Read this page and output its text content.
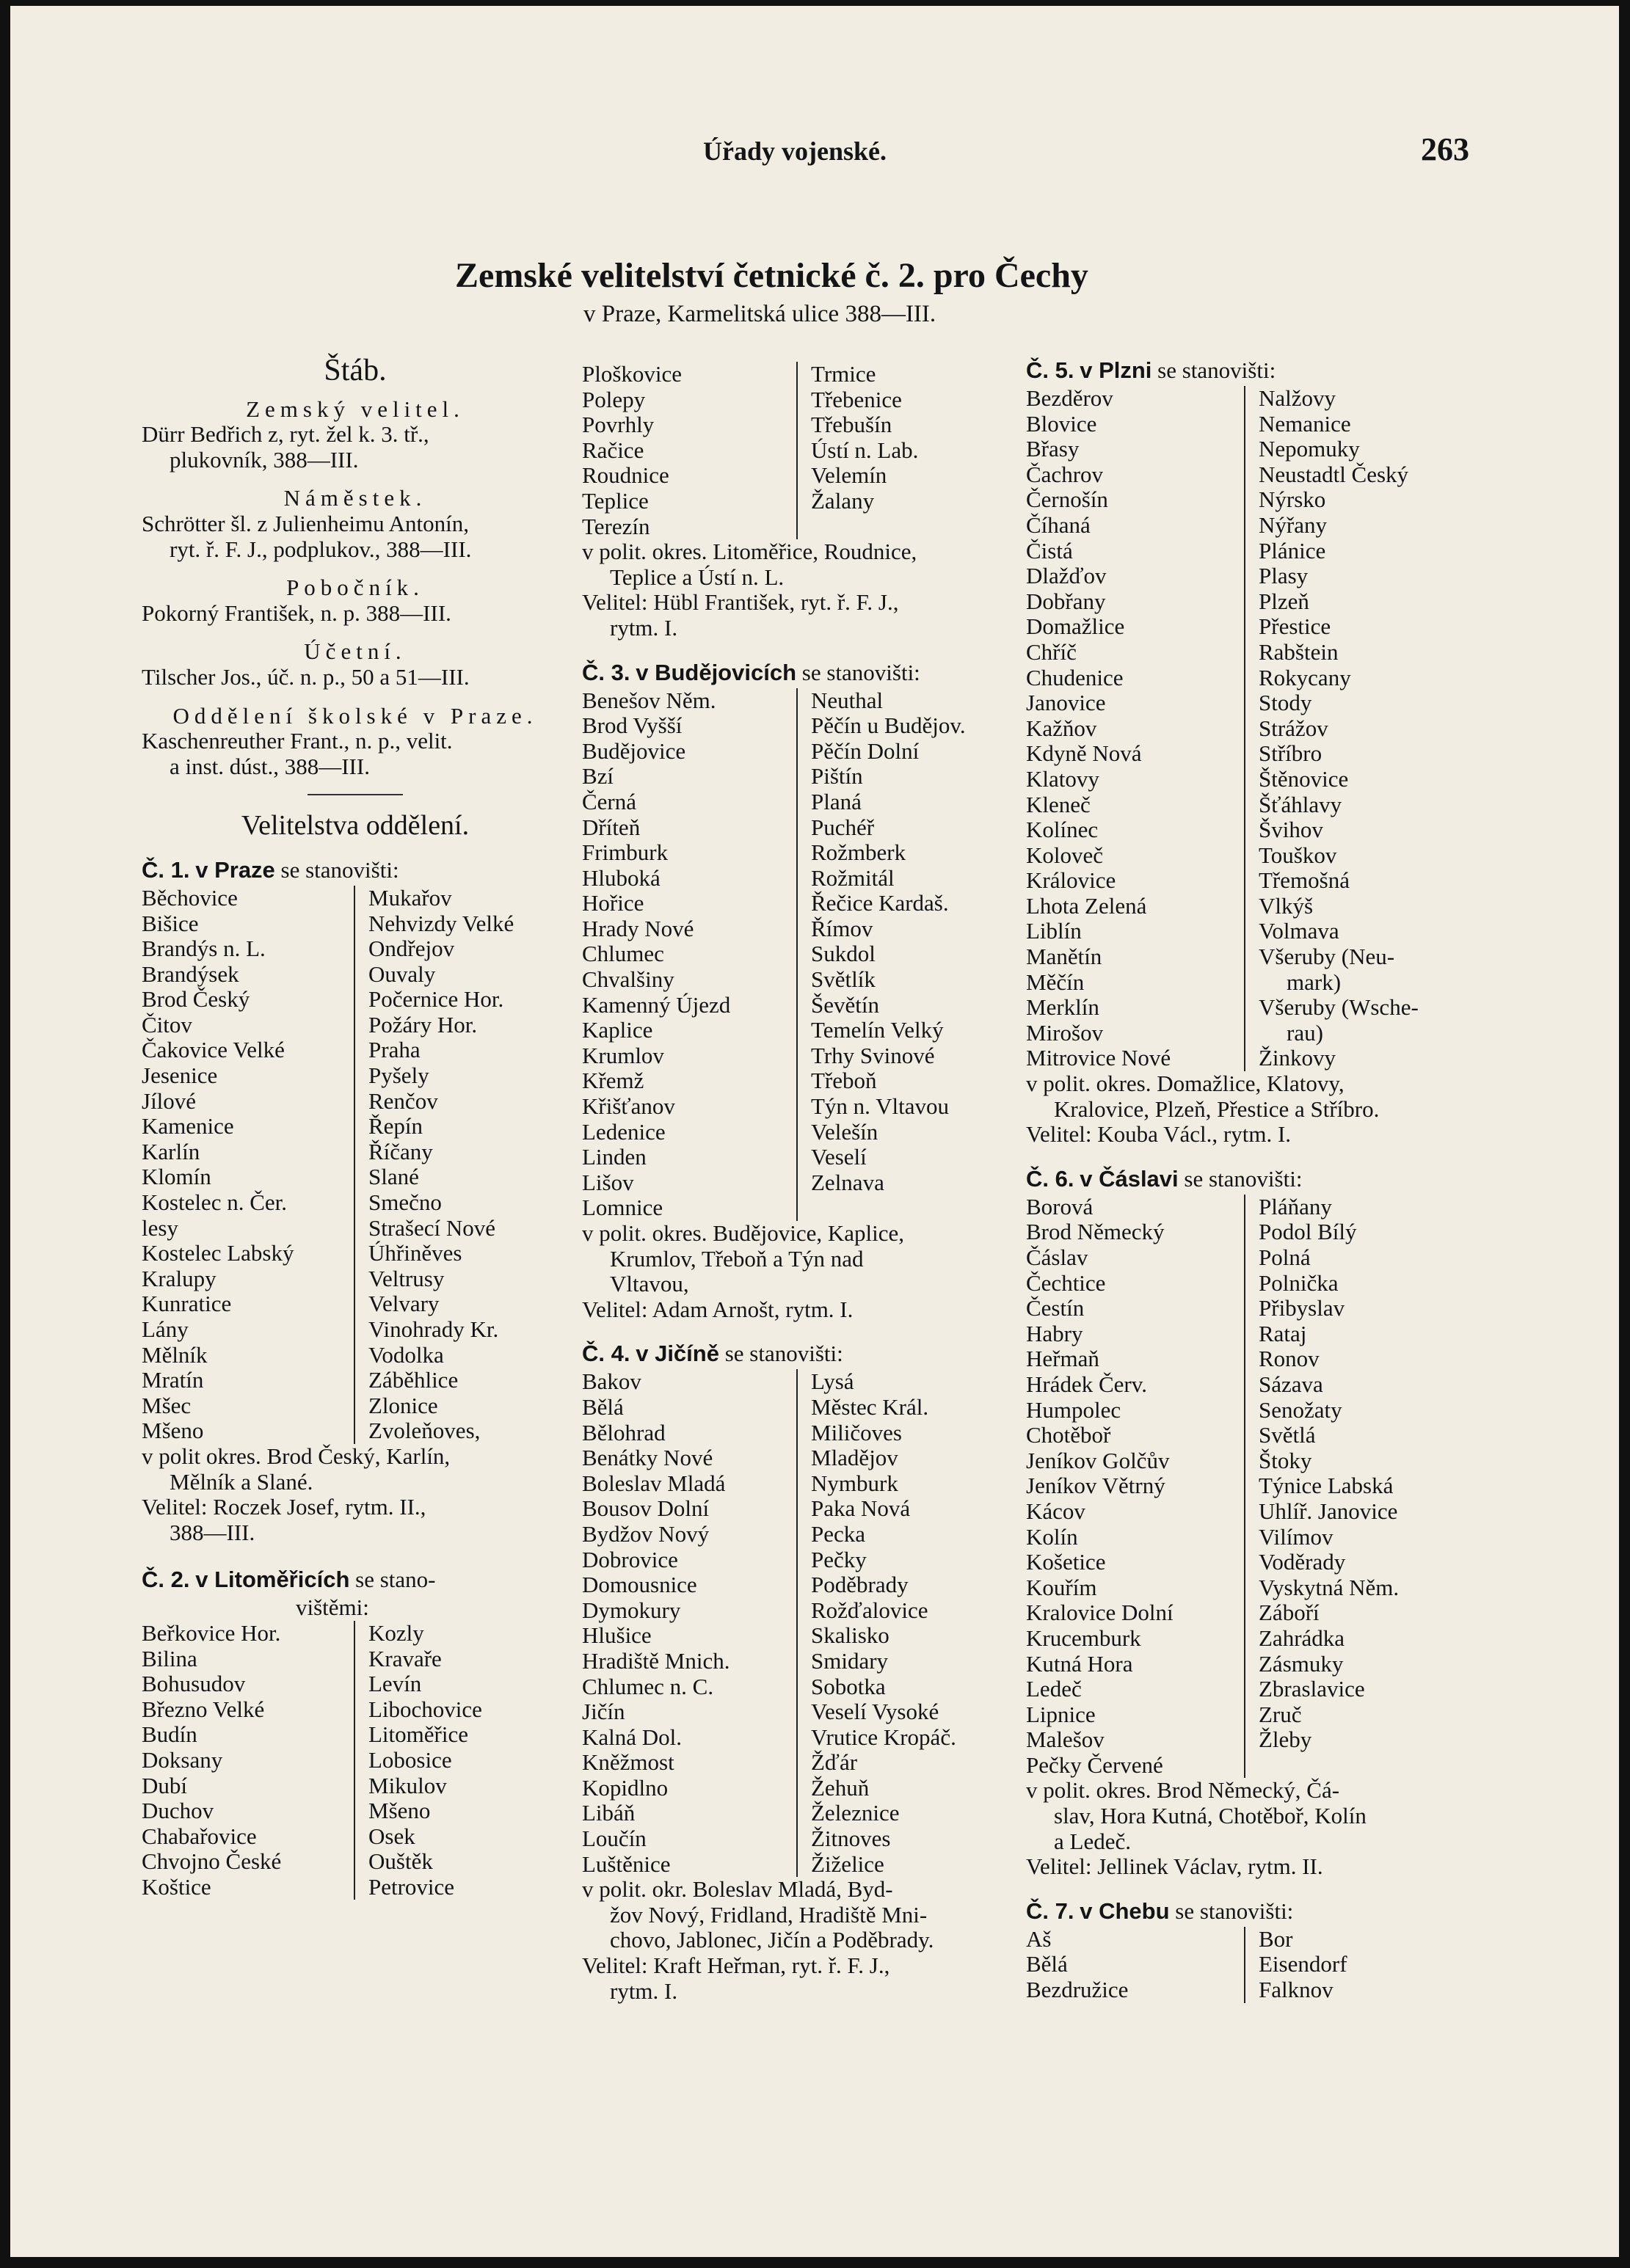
Úřady vojenské.	263
Zemské velitelství četnické č. 2. pro Čechy
v Praze, Karmelitská ulice 388—III.
Štáb.
Zemský velitel.
Dürr Bedřich z, ryt. žel k. 3. tř.,
plukovník, 388—III.
Náměstek.
Schrötter šl. z Julienheimu Antonín,
ryt. ř. F. J., podplukov., 388—III.
Pobočník.
Pokorný František, n. p. 388—III.
Účetní.
Tilscher Jos., úč. n. p., 50 a 51—III.
Oddělení školské v Praze.
Kaschenreuther Frant., n. p., velit.
a inst. dúst., 388—III.
Velitelstva oddělení.
Č. 1. v Praze se stanovišti:
Běchovice
Bišice
Brandýs n. L.
Brandýsek
Brod Český
Čitov
Čakovice Velké
Jesenice
Jílové
Kamenice
Karlín
Klomín
Kostelec n. Čer.
lesy
Kostelec Labský
Kralupy
Kunratice
Lány
Mělník
Mratín
Mšec
Mšeno
Mukařov
Nehvizdy Velké
Ondřejov
Ouvaly
Počernice Hor.
Požáry Hor.
Praha
Pyšely
Renčov
Řepín
Říčany
Slané
Smečno
Strašecí Nové
Úhřiněves
Veltrusy
Velvary
Vinohrady Kr.
Vodolka
Záběhlice
Zlonice
Zvoleňoves,
v polit okres. Brod Český, Karlín,
Mělník a Slané.
Velitel: Roczek Josef, rytm. II.,
388—III.
Č. 2. v Litoměřicích se stano-
vištěmi:
Beřkovice Hor.
Bilina
Bohusudov
Březno Velké
Budín
Doksany
Dubí
Duchov
Chabařovice
Chvojno České
Koštice
Kozly
Kravaře
Levín
Libochovice
Litoměřice
Lobosice
Mikulov
Mšeno
Osek
Ouštěk
Petrovice
Ploškovice
Polepy
Povrhly
Račice
Roudnice
Teplice
Terezín
Trmice
Třebenice
Třebušín
Ústí n. Lab.
Velemín
Žalany
v polit. okres. Litoměřice, Roudnice,
Teplice a Ústí n. L.
Velitel: Hübl František, ryt. ř. F. J.,
rytm. I.
Č. 3. v Budějovicích se stanovišti:
Benešov Něm.
Brod Vyšší
Budějovice
Bzí
Černá
Dříteň
Frimburk
Hluboká
Hořice
Hrady Nové
Chlumec
Chvalšiny
Kamenný Újezd
Kaplice
Krumlov
Křemž
Křišťanov
Ledenice
Linden
Lišov
Lomnice
Neuthal
Pěčín u Budějov.
Pěčín Dolní
Pištín
Planá
Puchéř
Rožmberk
Rožmitál
Řečice Kardaš.
Římov
Sukdol
Světlík
Ševětín
Temelín Velký
Trhy Svinové
Třeboň
Týn n. Vltavou
Velešín
Veselí
Zelnava
v polit. okres. Budějovice, Kaplice,
Krumlov, Třeboň a Týn nad
Vltavou,
Velitel: Adam Arnošt, rytm. I.
Č. 4. v Jičíně se stanovišti:
Bakov
Bělá
Bělohrad
Benátky Nové
Boleslav Mladá
Bousov Dolní
Bydžov Nový
Dobrovice
Domousnice
Dymokury
Hlušice
Hradiště Mnich.
Chlumec n. C.
Jičín
Kalná Dol.
Kněžmost
Kopidlno
Libáň
Loučín
Luštěnice
Lysá
Městec Král.
Miličoves
Mladějov
Nymburk
Paka Nová
Pecka
Pečky
Poděbrady
Rožďalovice
Skalisko
Smidary
Sobotka
Veselí Vysoké
Vrutice Kropáč.
Žďár
Žehuň
Železnice
Žitnoves
Žiželice
v polit. okr. Boleslav Mladá, Byd-
žov Nový, Fridland, Hradiště Mni-
chovo, Jablonec, Jičín a Poděbrady.
Velitel: Kraft Heřman, ryt. ř. F. J.,
rytm. I.
Č. 5. v Plzni se stanovišti:
Bezděrov
Blovice
Břasy
Čachrov
Černošín
Číhaná
Čistá
Dlažďov
Dobřany
Domažlice
Chříč
Chudenice
Janovice
Kažňov
Kdyně Nová
Klatovy
Kleneč
Kolínec
Koloveč
Královice
Lhota Zelená
Liblín
Manětín
Měčín
Merklín
Mirošov
Mitrovice Nové
Nalžovy
Nemanice
Nepomuky
Neustadtl Český
Nýrsko
Nýřany
Plánice
Plasy
Plzeň
Přestice
Rabštein
Rokycany
Stody
Strážov
Stříbro
Štěnovice
Šťáhlavy
Švihov
Touškov
Třemošná
Vlkýš
Volmava
Všeruby (Neu-
mark)
Všeruby (Wsche-
rau)
Žinkovy
v polit. okres. Domažlice, Klatovy,
Kralovice, Plzeň, Přestice a Stříbro.
Velitel: Kouba Václ., rytm. I.
Č. 6. v Čáslavi se stanovišti:
Borová
Brod Německý
Čáslav
Čechtice
Čestín
Habry
Heřmaň
Hrádek Červ.
Humpolec
Chotěboř
Jeníkov Golčův
Jeníkov Větrný
Kácov
Kolín
Košetice
Kouřím
Kralovice Dolní
Krucemburk
Kutná Hora
Ledeč
Lipnice
Malešov
Pečky Červené
Pláňany
Podol Bílý
Polná
Polnička
Přibyslav
Rataj
Ronov
Sázava
Senožaty
Světlá
Štoky
Týnice Labská
Uhlíř. Janovice
Vilímov
Voděrady
Vyskytná Něm.
Záboří
Zahrádka
Zásmuky
Zbraslavice
Zruč
Žleby
v polit. okres. Brod Německý, Čá-
slav, Hora Kutná, Chotěboř, Kolín
a Ledeč.
Velitel: Jellinek Václav, rytm. II.
Č. 7. v Chebu se stanovišti:
Aš
Bělá
Bezdružice
Bor
Eisendorf
Falknov
